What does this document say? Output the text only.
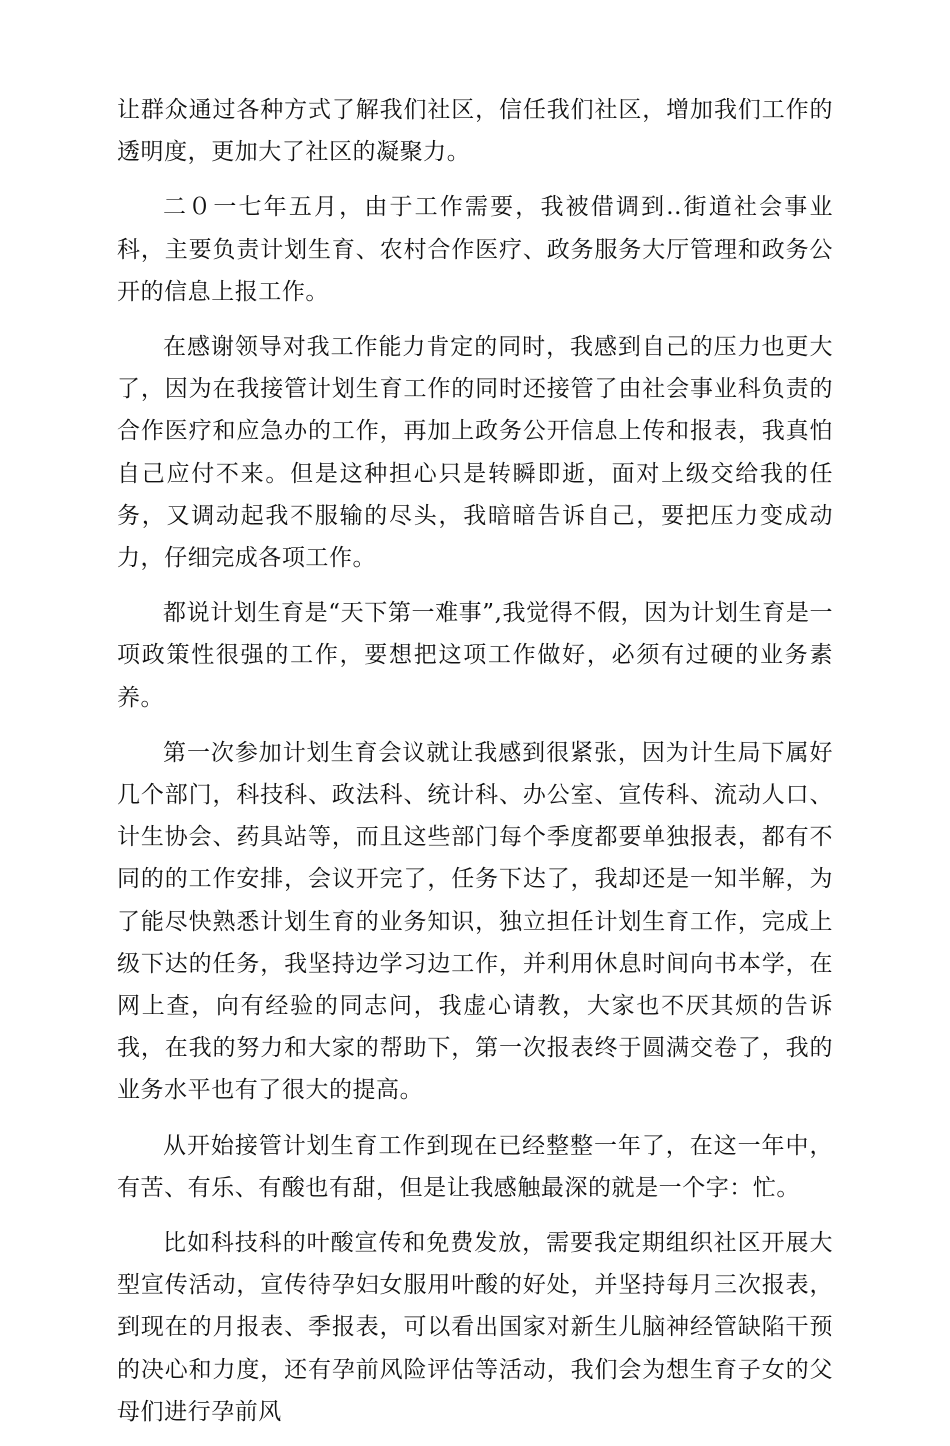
让群众通过各种方式了解我们社区，信任我们社区，增加我们工作的透明度，更加大了社区的凝聚力。

二０一七年五月，由于工作需要，我被借调到..街道社会事业科，主要负责计划生育、农村合作医疗、政务服务大厅管理和政务公开的信息上报工作。

在感谢领导对我工作能力肯定的同时，我感到自己的压力也更大了，因为在我接管计划生育工作的同时还接管了由社会事业科负责的合作医疗和应急办的工作，再加上政务公开信息上传和报表，我真怕自己应付不来。但是这种担心只是转瞬即逝，面对上级交给我的任务，又调动起我不服输的尽头，我暗暗告诉自己，要把压力变成动力，仔细完成各项工作。

都说计划生育是“天下第一难事”,我觉得不假，因为计划生育是一项政策性很强的工作，要想把这项工作做好，必须有过硬的业务素养。

第一次参加计划生育会议就让我感到很紧张，因为计生局下属好几个部门，科技科、政法科、统计科、办公室、宣传科、流动人口、计生协会、药具站等，而且这些部门每个季度都要单独报表，都有不同的的工作安排，会议开完了，任务下达了，我却还是一知半解，为了能尽快熟悉计划生育的业务知识，独立担任计划生育工作，完成上级下达的任务，我坚持边学习边工作，并利用休息时间向书本学，在网上查，向有经验的同志问，我虚心请教，大家也不厌其烦的告诉我，在我的努力和大家的帮助下，第一次报表终于圆满交卷了，我的业务水平也有了很大的提高。

从开始接管计划生育工作到现在已经整整一年了，在这一年中，有苦、有乐、有酸也有甜，但是让我感触最深的就是一个字：忙。

比如科技科的叶酸宣传和免费发放，需要我定期组织社区开展大型宣传活动，宣传待孕妇女服用叶酸的好处，并坚持每月三次报表，到现在的月报表、季报表，可以看出国家对新生儿脑神经管缺陷干预的决心和力度，还有孕前风险评估等活动，我们会为想生育子女的父母们进行孕前风
